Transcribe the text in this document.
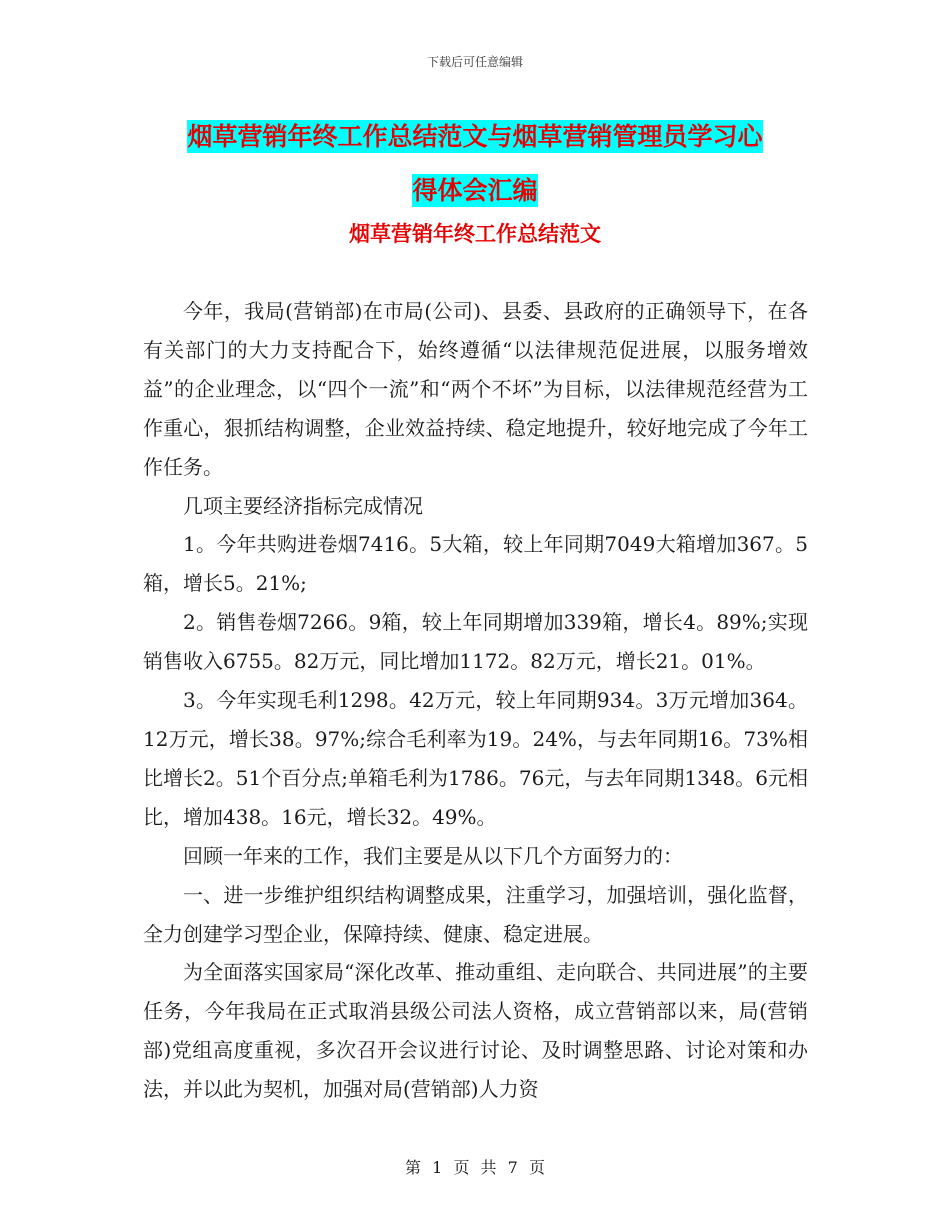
下载后可任意编辑
烟草营销年终工作总结范文与烟草营销管理员学习心
得体会汇编
烟草营销年终工作总结范文

今年，我局(营销部)在市局(公司)、县委、县政府的正确领导下，在各有关部门的大力支持配合下，始终遵循“以法律规范促进展，以服务增效益”的企业理念，以“四个一流”和“两个不坏”为目标，以法律规范经营为工作重心，狠抓结构调整，企业效益持续、稳定地提升，较好地完成了今年工作任务。

几项主要经济指标完成情况

1。今年共购进卷烟7416。5大箱，较上年同期7049大箱增加367。5箱，增长5。21%;

2。销售卷烟7266。9箱，较上年同期增加339箱，增长4。89%;实现销售收入6755。82万元，同比增加1172。82万元，增长21。01%。

3。今年实现毛利1298。42万元，较上年同期934。3万元增加364。12万元，增长38。97%;综合毛利率为19。24%，与去年同期16。73%相比增长2。51个百分点;单箱毛利为1786。76元，与去年同期1348。6元相比，增加438。16元，增长32。49%。

回顾一年来的工作，我们主要是从以下几个方面努力的：

一、进一步维护组织结构调整成果，注重学习，加强培训，强化监督，全力创建学习型企业，保障持续、健康、稳定进展。

为全面落实国家局“深化改革、推动重组、走向联合、共同进展”的主要任务，今年我局在正式取消县级公司法人资格，成立营销部以来，局(营销部)党组高度重视，多次召开会议进行讨论、及时调整思路、讨论对策和办法，并以此为契机，加强对局(营销部)人力资

第 1 页 共 7 页
